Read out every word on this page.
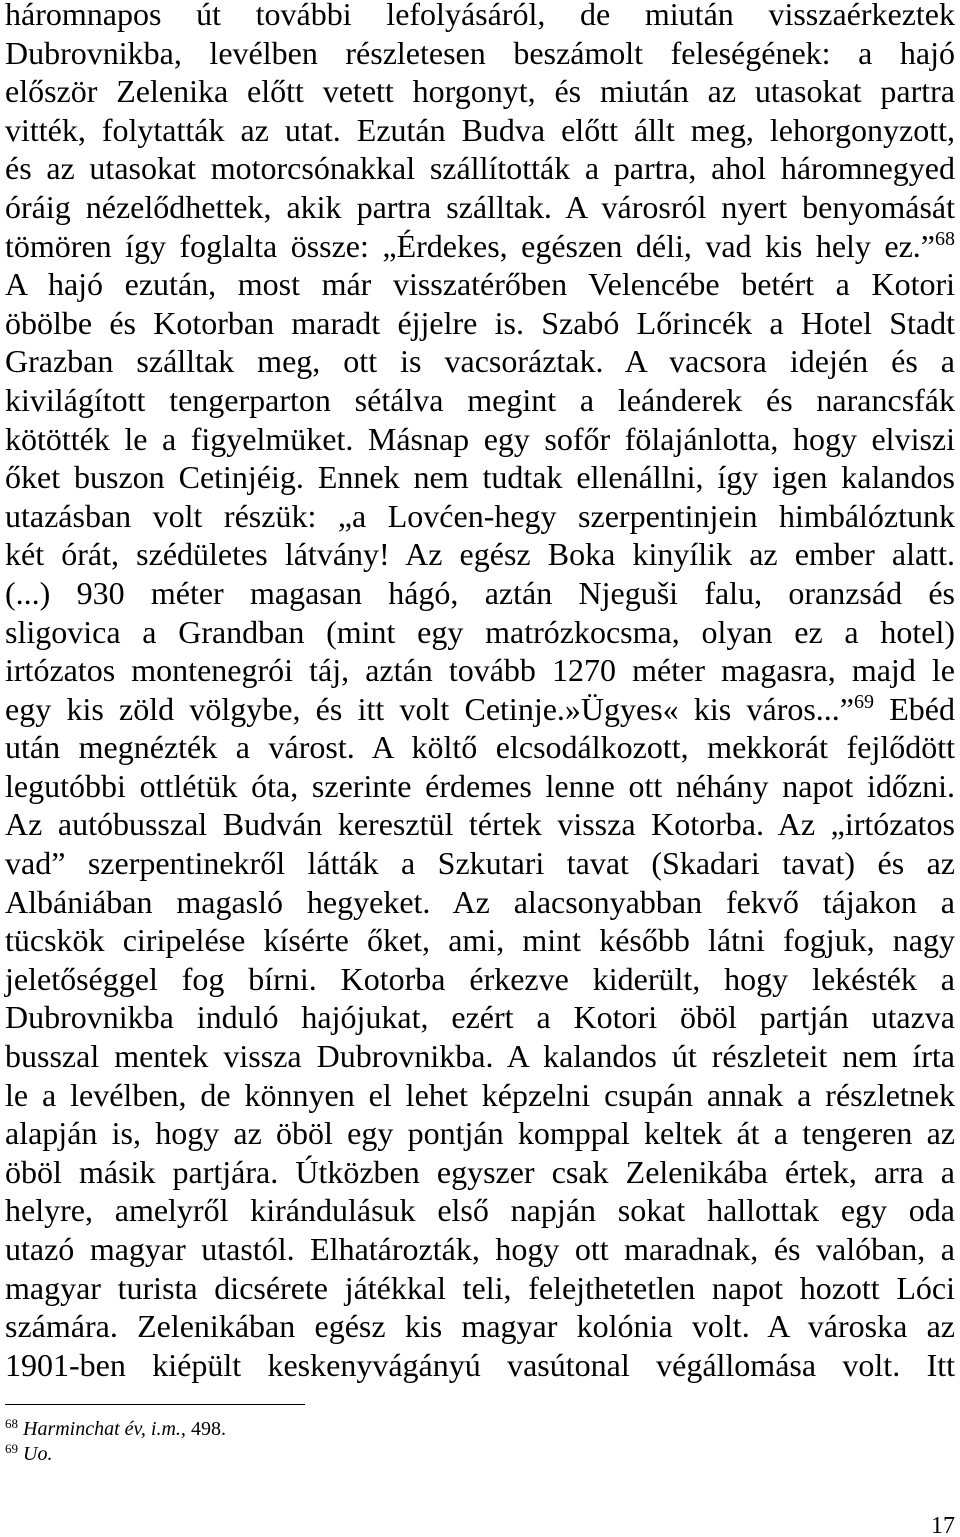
háromnapos út további lefolyásáról, de miután visszaérkeztek
Dubrovnikba, levélben részletesen beszámolt feleségének: a hajó
először Zelenika előtt vetett horgonyt, és miután az utasokat partra
vitték, folytatták az utat. Ezután Budva előtt állt meg, lehorgonyzott,
és az utasokat motorcsónakkal szállították a partra, ahol háromnegyed
óráig nézelődhettek, akik partra szálltak. A városról nyert benyomását
tömören így foglalta össze: „Érdekes, egészen déli, vad kis hely ez.”$^{68}$
A hajó ezután, most már visszatérőben Velencébe betért a Kotori
öbölbe és Kotorban maradt éjjelre is. Szabó Lőrincék a Hotel Stadt
Grazban szálltak meg, ott is vacsoráztak. A vacsora idején és a
kivilágított tengerparton sétálva megint a leánderek és narancsfák
kötötték le a figyelmüket. Másnap egy sofőr fölajánlotta, hogy elviszi
őket buszon Cetinjéig. Ennek nem tudtak ellenállni, így igen kalandos
utazásban volt részük: „a Lovćen-hegy szerpentinjein himbálóztunk
két órát, szédületes látvány! Az egész Boka kinyílik az ember alatt.
(...) 930 méter magasan hágó, aztán Njeguši falu, oranzsád és
sligovica a Grandban (mint egy matrózkocsma, olyan ez a hotel)
irtózatos montenegrói táj, aztán tovább 1270 méter magasra, majd le
egy kis zöld völgybe, és itt volt Cetinje.»Ügyes« kis város...”$^{69}$ Ebéd
után megnézték a várost. A költő elcsodálkozott, mekkorát fejlődött
legutóbbi ottlétük óta, szerinte érdemes lenne ott néhány napot időzni.
Az autóbusszal Budván keresztül tértek vissza Kotorba. Az „irtózatos
vad” szerpentinekről látták a Szkutari tavat (Skadari tavat) és az
Albániában magasló hegyeket. Az alacsonyabban fekvő tájakon a
tücskök ciripelése kísérte őket, ami, mint később látni fogjuk, nagy
jeletőséggel fog bírni. Kotorba érkezve kiderült, hogy lekésték a
Dubrovnikba induló hajójukat, ezért a Kotori öböl partján utazva
busszal mentek vissza Dubrovnikba. A kalandos út részleteit nem írta
le a levélben, de könnyen el lehet képzelni csupán annak a részletnek
alapján is, hogy az öböl egy pontján komppal keltek át a tengeren az
öböl másik partjára. Útközben egyszer csak Zelenikába értek, arra a
helyre, amelyről kirándulásuk első napján sokat hallottak egy oda
utazó magyar utastól. Elhatározták, hogy ott maradnak, és valóban, a
magyar turista dicsérete játékkal teli, felejthetetlen napot hozott Lóci
számára. Zelenikában egész kis magyar kolónia volt. A városka az
1901-ben kiépült keskenyvágányú vasútonal végállomása volt. Itt
$^{68}$ Harminchat év, i.m., 498.
$^{69}$ Uo.
17
